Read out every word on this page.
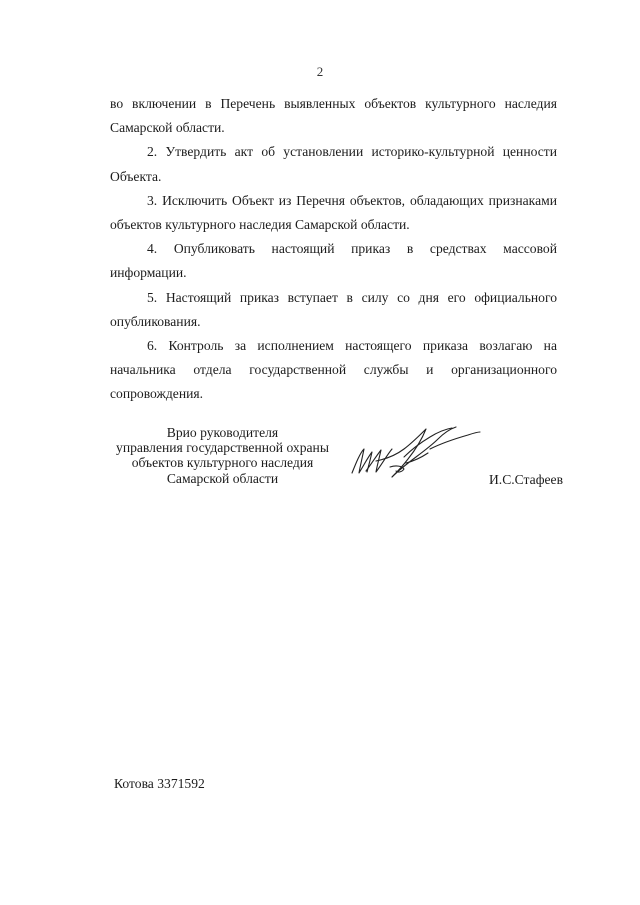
2

во включении в Перечень выявленных объектов культурного наследия Самарской области.

2. Утвердить акт об установлении историко-культурной ценности Объекта.

3. Исключить Объект из Перечня объектов, обладающих признаками объектов культурного наследия Самарской области.

4. Опубликовать настоящий приказ в средствах массовой информации.

5. Настоящий приказ вступает в силу со дня его официального опубликования.

6. Контроль за исполнением настоящего приказа возлагаю на начальника отдела государственной службы и организационного сопровождения.

Врио руководителя
управления государственной охраны
объектов культурного наследия
Самарской области	И.С.Стафеев
Котова 3371592
